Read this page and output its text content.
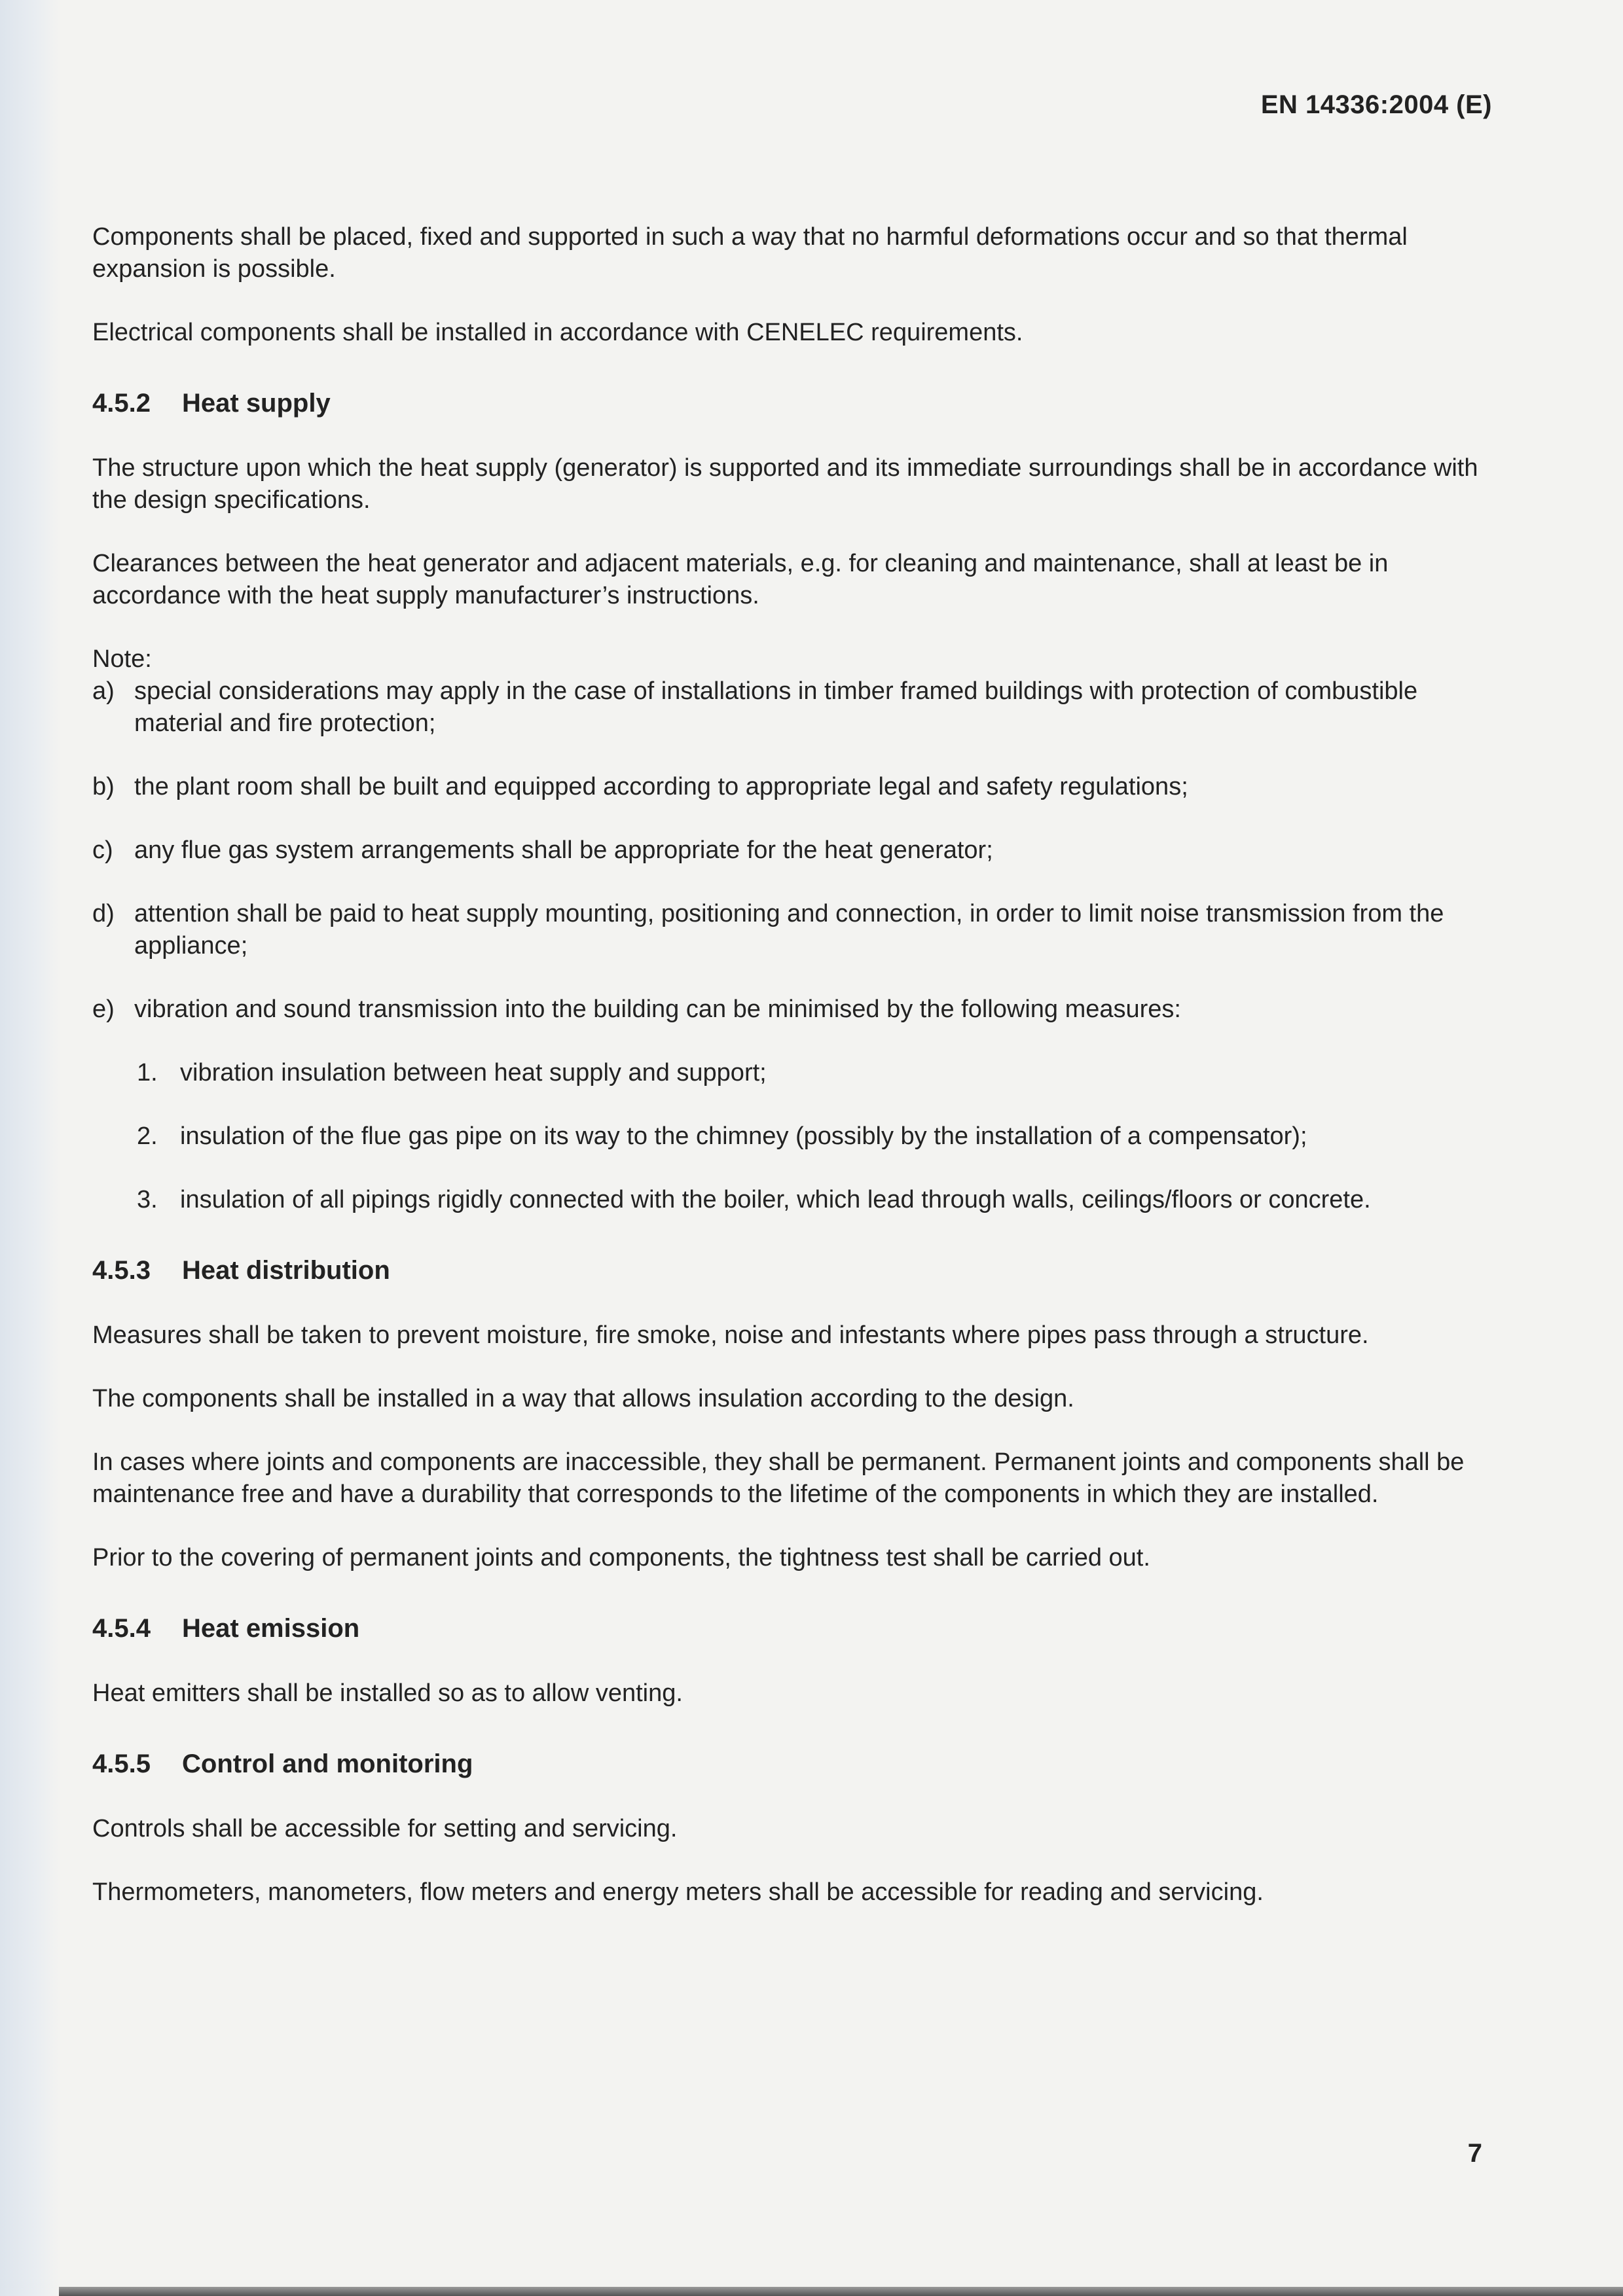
EN 14336:2004 (E)

Components shall be placed, fixed and supported in such a way that no harmful deformations occur and so that thermal expansion is possible.

Electrical components shall be installed in accordance with CENELEC requirements.

4.5.2 Heat supply

The structure upon which the heat supply (generator) is supported and its immediate surroundings shall be in accordance with the design specifications.

Clearances between the heat generator and adjacent materials, e.g. for cleaning and maintenance, shall at least be in accordance with the heat supply manufacturer’s instructions.

Note:

a) special considerations may apply in the case of installations in timber framed buildings with protection of combustible material and fire protection;
b) the plant room shall be built and equipped according to appropriate legal and safety regulations;
c) any flue gas system arrangements shall be appropriate for the heat generator;
d) attention shall be paid to heat supply mounting, positioning and connection, in order to limit noise transmission from the appliance;
e) vibration and sound transmission into the building can be minimised by the following measures:
1. vibration insulation between heat supply and support;
2. insulation of the flue gas pipe on its way to the chimney (possibly by the installation of a compensator);
3. insulation of all pipings rigidly connected with the boiler, which lead through walls, ceilings/floors or concrete.
4.5.3 Heat distribution

Measures shall be taken to prevent moisture, fire smoke, noise and infestants where pipes pass through a structure.

The components shall be installed in a way that allows insulation according to the design.

In cases where joints and components are inaccessible, they shall be permanent. Permanent joints and components shall be maintenance free and have a durability that corresponds to the lifetime of the components in which they are installed.

Prior to the covering of permanent joints and components, the tightness test shall be carried out.

4.5.4 Heat emission

Heat emitters shall be installed so as to allow venting.

4.5.5 Control and monitoring

Controls shall be accessible for setting and servicing.

Thermometers, manometers, flow meters and energy meters shall be accessible for reading and servicing.

7
